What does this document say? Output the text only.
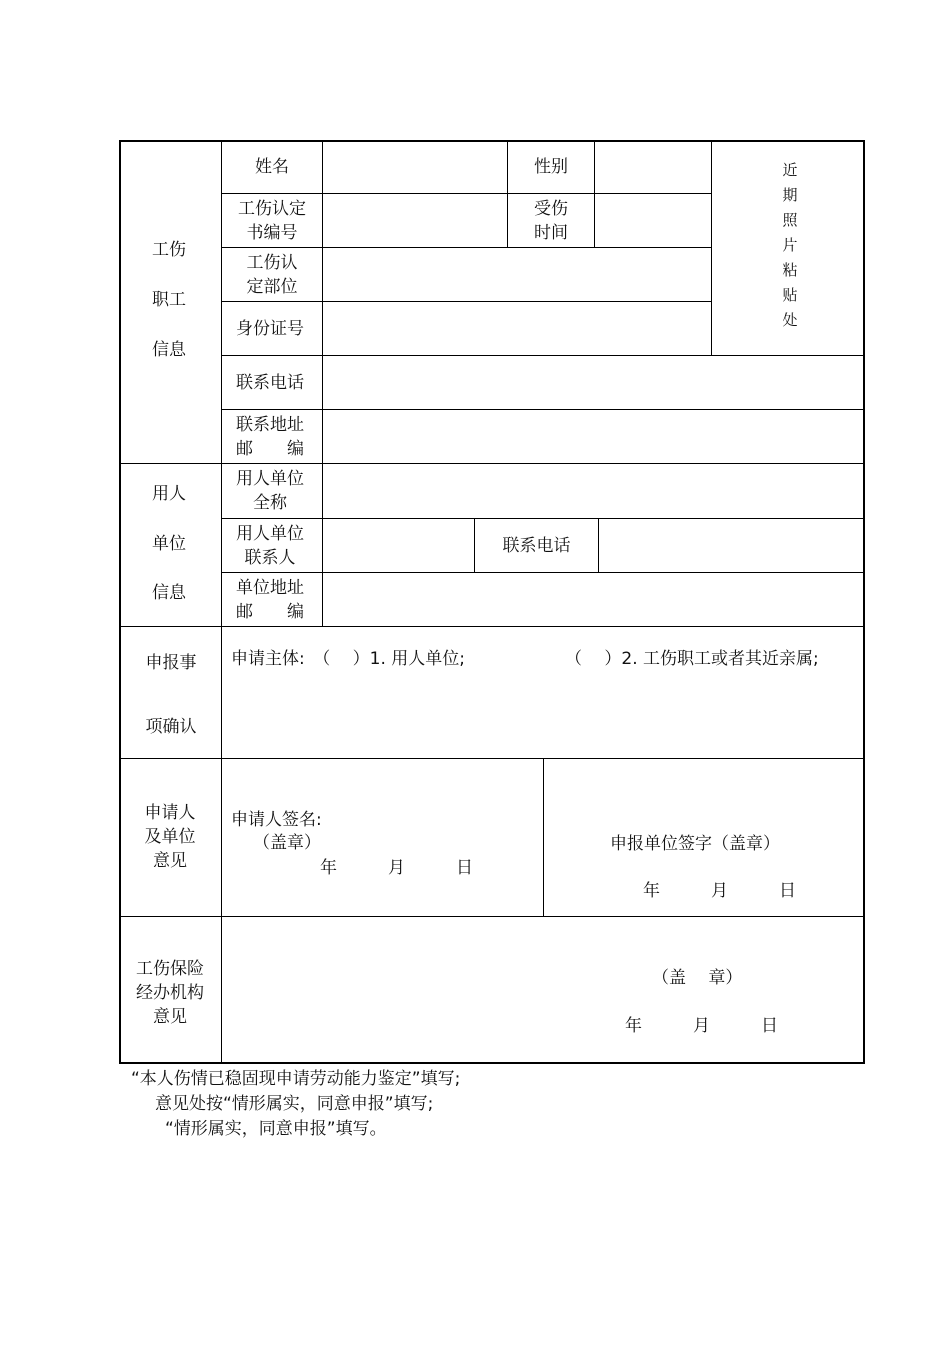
工伤
职工
信息
姓名	性别
工伤认定
书编号
受伤
时间
工伤认
定部位
身份证号
近
期
照
片
粘
贴
处
联系电话
联系地址
邮　　编
用人
单位
信息
用人单位
全称
用人单位
联系人
联系电话
单位地址
邮　　编
申报事
项确认
申请主体:　（　 ）1. 用人单位;	（　 ）2. 工伤职工或者其近亲属;
申请人
及单位
意见
申请人签名:
（盖章）
年　　　月　　　日
申报单位签字（盖章）
年　　　月　　　日
工伤保险
经办机构
意见
（盖　 章）
年　　　月　　　日
“本人伤情已稳固现申请劳动能力鉴定”填写;
意见处按“情形属实，同意申报”填写;
“情形属实，同意申报”填写。
